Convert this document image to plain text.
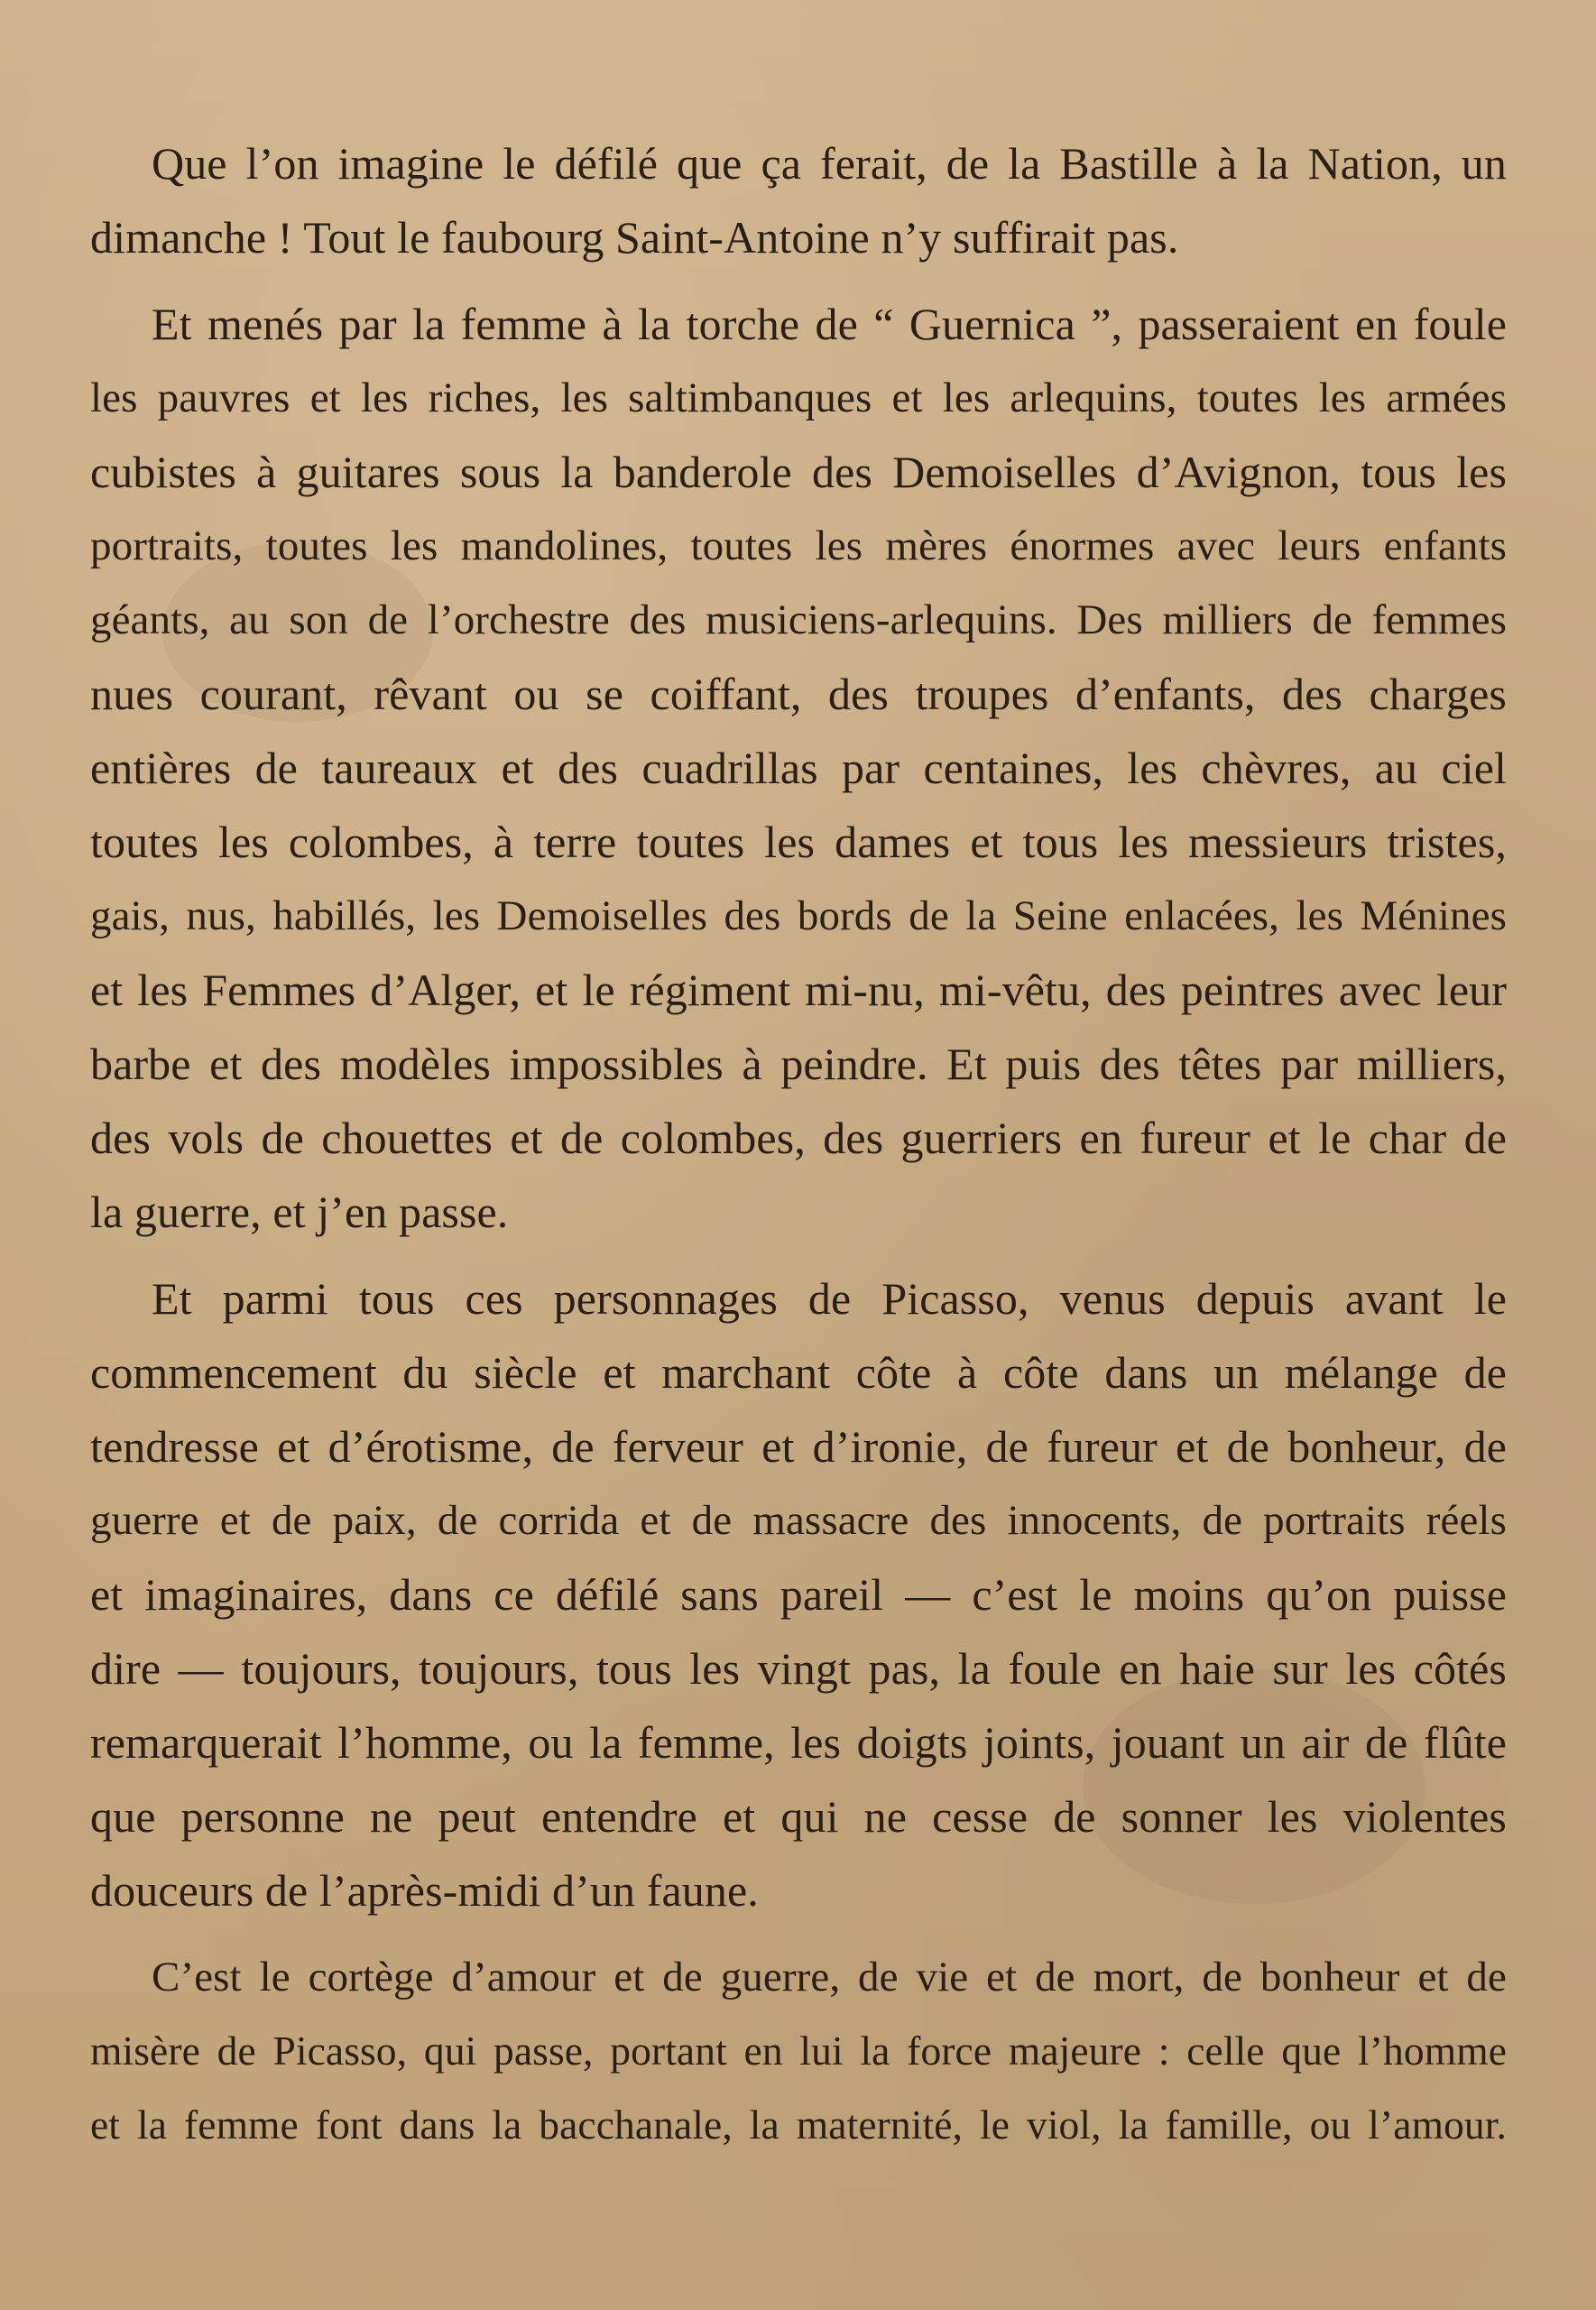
Que l’on imagine le défilé que ça ferait, de la Bastille à la Nation, un
dimanche ! Tout le faubourg Saint-Antoine n’y suffirait pas.
Et menés par la femme à la torche de “ Guernica ”, passeraient en foule
les pauvres et les riches, les saltimbanques et les arlequins, toutes les armées
cubistes à guitares sous la banderole des Demoiselles d’Avignon, tous les
portraits, toutes les mandolines, toutes les mères énormes avec leurs enfants
géants, au son de l’orchestre des musiciens-arlequins. Des milliers de femmes
nues courant, rêvant ou se coiffant, des troupes d’enfants, des charges
entières de taureaux et des cuadrillas par centaines, les chèvres, au ciel
toutes les colombes, à terre toutes les dames et tous les messieurs tristes,
gais, nus, habillés, les Demoiselles des bords de la Seine enlacées, les Ménines
et les Femmes d’Alger, et le régiment mi-nu, mi-vêtu, des peintres avec leur
barbe et des modèles impossibles à peindre. Et puis des têtes par milliers,
des vols de chouettes et de colombes, des guerriers en fureur et le char de
la guerre, et j’en passe.
Et parmi tous ces personnages de Picasso, venus depuis avant le
commencement du siècle et marchant côte à côte dans un mélange de
tendresse et d’érotisme, de ferveur et d’ironie, de fureur et de bonheur, de
guerre et de paix, de corrida et de massacre des innocents, de portraits réels
et imaginaires, dans ce défilé sans pareil — c’est le moins qu’on puisse
dire — toujours, toujours, tous les vingt pas, la foule en haie sur les côtés
remarquerait l’homme, ou la femme, les doigts joints, jouant un air de flûte
que personne ne peut entendre et qui ne cesse de sonner les violentes
douceurs de l’après-midi d’un faune.
C’est le cortège d’amour et de guerre, de vie et de mort, de bonheur et de
misère de Picasso, qui passe, portant en lui la force majeure : celle que l’homme
et la femme font dans la bacchanale, la maternité, le viol, la famille, ou l’amour.
